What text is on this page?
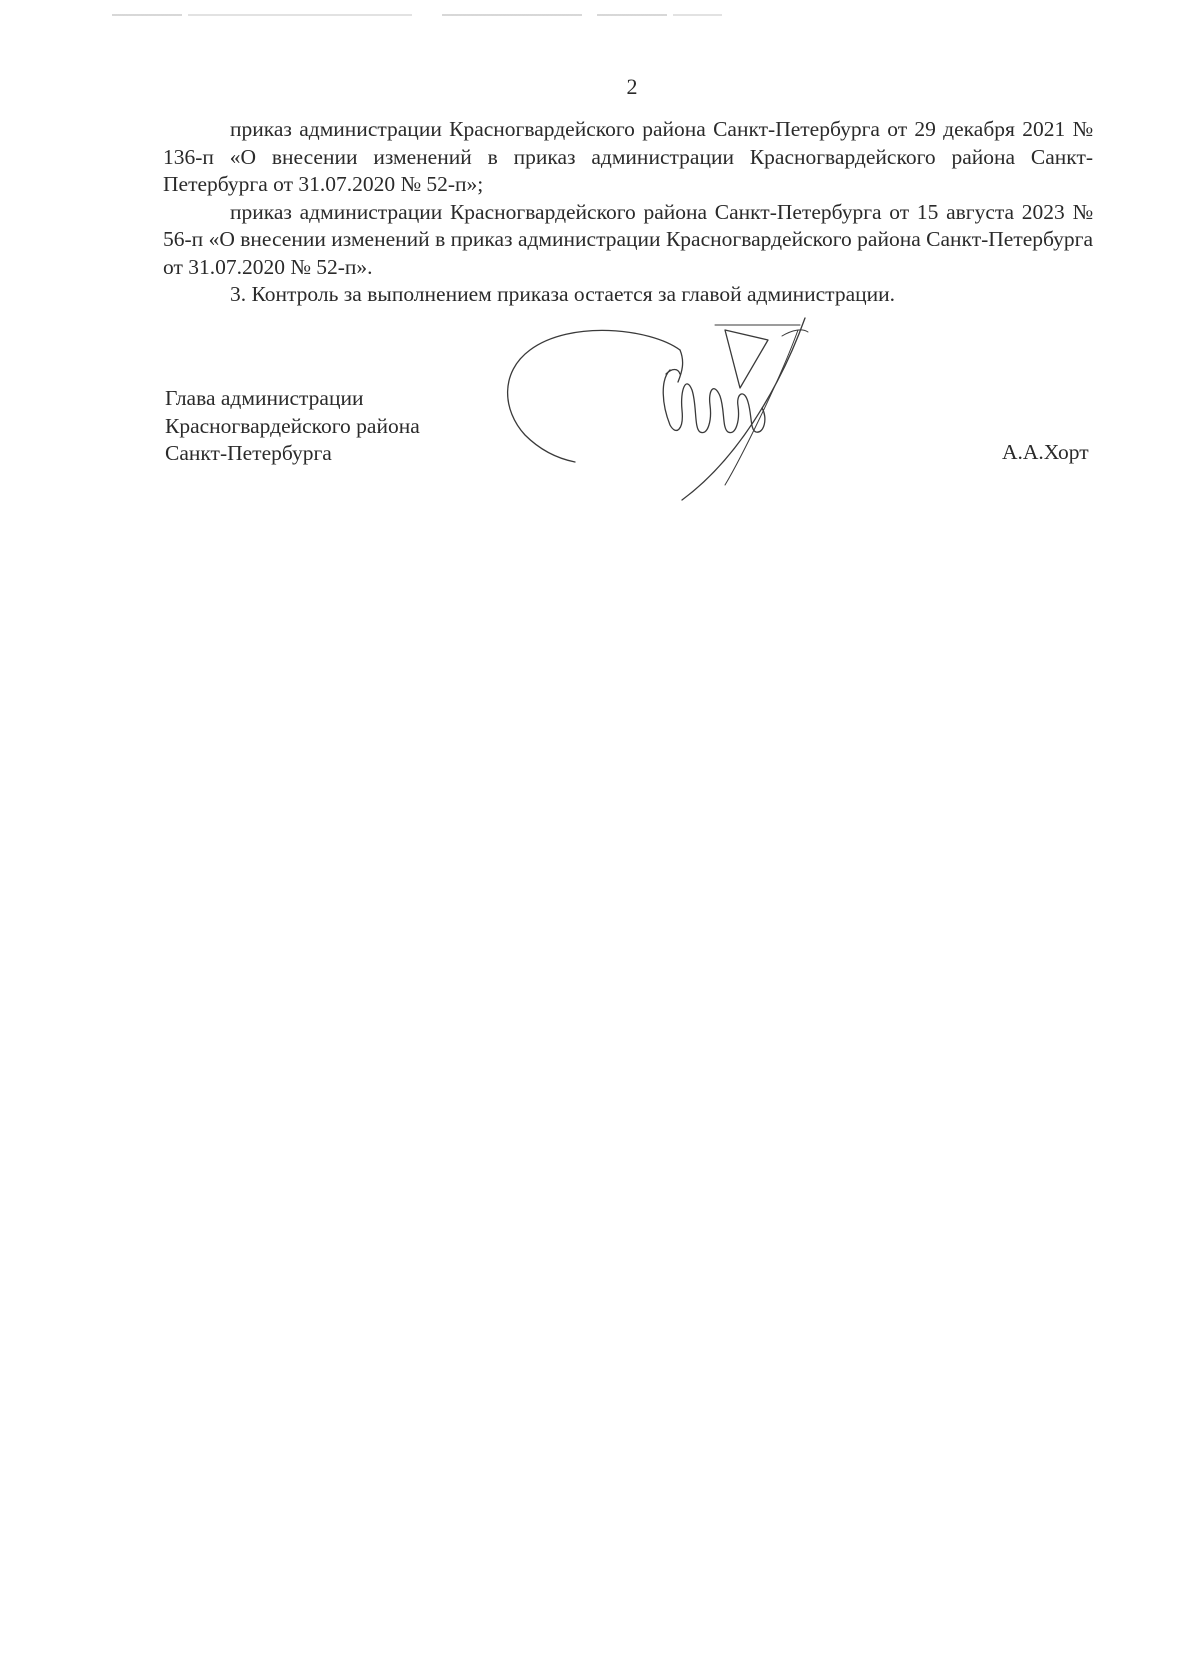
2

приказ администрации Красногвардейского района Санкт-Петербурга от 29 декабря 2021 № 136-п «О внесении изменений в приказ администрации Красногвардейского района Санкт-Петербурга от 31.07.2020 № 52-п»;

приказ администрации Красногвардейского района Санкт-Петербурга от 15 августа 2023 № 56-п «О внесении изменений в приказ администрации Красногвардейского района Санкт-Петербурга от 31.07.2020 № 52-п».

3. Контроль за выполнением приказа остается за главой администрации.

Глава администрации
Красногвардейского района
Санкт-Петербурга	А.А.Хорт
